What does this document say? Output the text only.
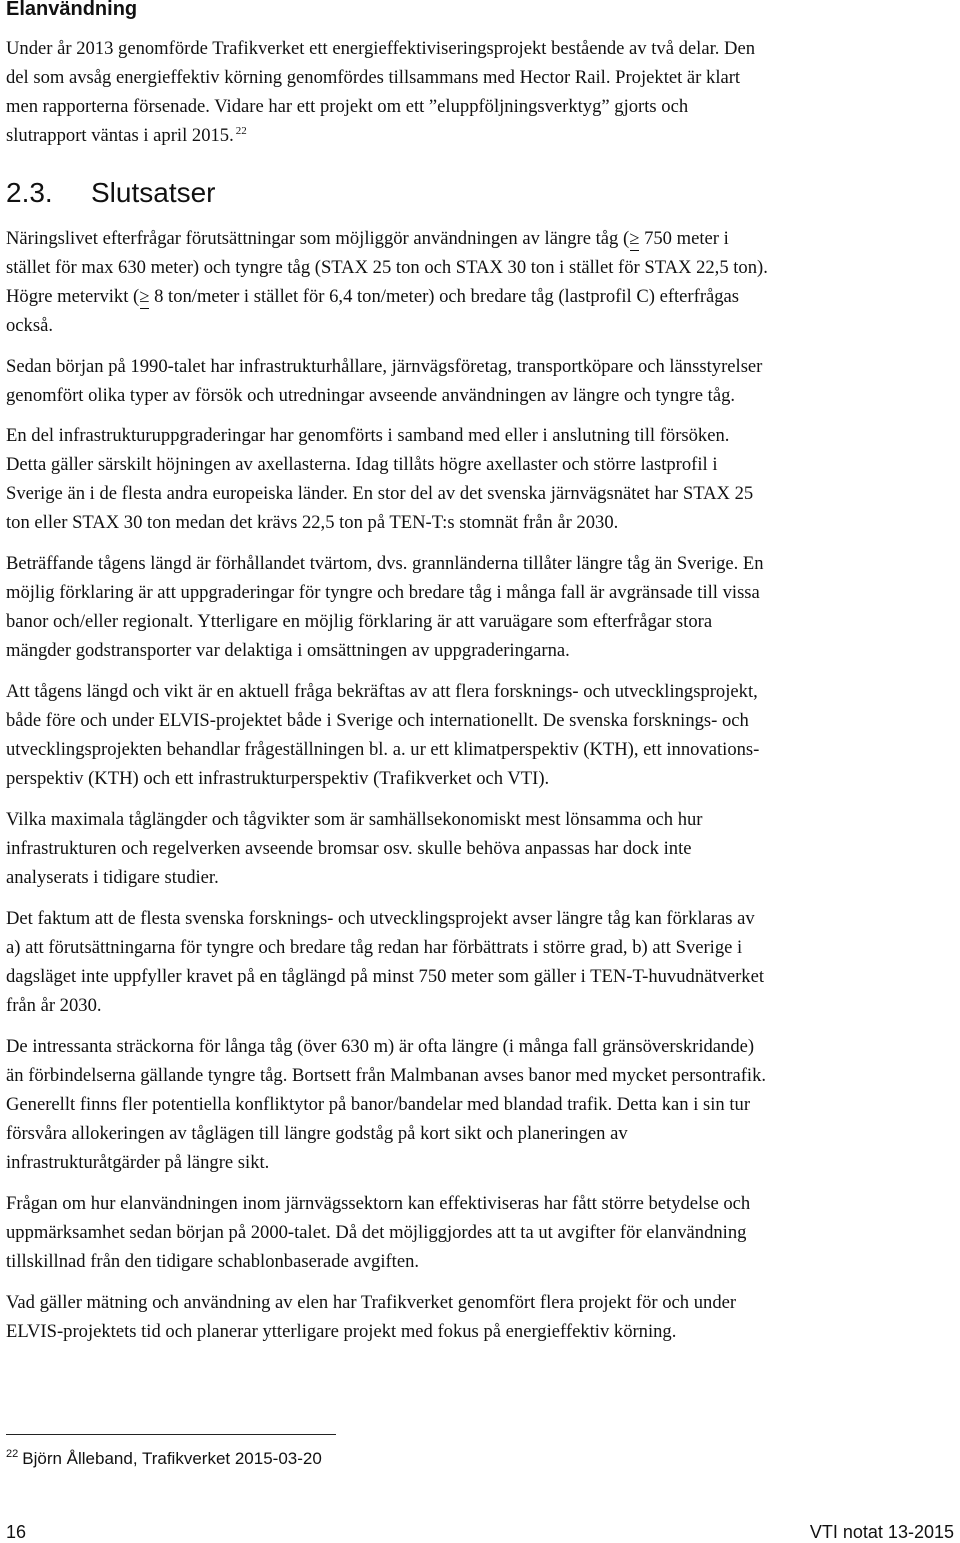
Elanvändning

Under år 2013 genomförde Trafikverket ett energieffektiviseringsprojekt bestående av två delar. Den
del som avsåg energieffektiv körning genomfördes tillsammans med Hector Rail. Projektet är klart
men rapporterna försenade. Vidare har ett projekt om ett ”eluppföljningsverktyg” gjorts och
slutrapport väntas i april 2015. $^{22}$

2.3. Slutsatser

Näringslivet efterfrågar förutsättningar som möjliggör användningen av längre tåg (≥ 750 meter i
stället för max 630 meter) och tyngre tåg (STAX 25 ton och STAX 30 ton i stället för STAX 22,5 ton).
Högre metervikt (≥ 8 ton/meter i stället för 6,4 ton/meter) och bredare tåg (lastprofil C) efterfrågas
också.

Sedan början på 1990-talet har infrastrukturhållare, järnvägsföretag, transportköpare och länsstyrelser
genomfört olika typer av försök och utredningar avseende användningen av längre och tyngre tåg.

En del infrastrukturuppgraderingar har genomförts i samband med eller i anslutning till försöken.
Detta gäller särskilt höjningen av axellasterna. Idag tillåts högre axellaster och större lastprofil i
Sverige än i de flesta andra europeiska länder. En stor del av det svenska järnvägsnätet har STAX 25
ton eller STAX 30 ton medan det krävs 22,5 ton på TEN-T:s stomnät från år 2030.

Beträffande tågens längd är förhållandet tvärtom, dvs. grannländerna tillåter längre tåg än Sverige. En
möjlig förklaring är att uppgraderingar för tyngre och bredare tåg i många fall är avgränsade till vissa
banor och/eller regionalt. Ytterligare en möjlig förklaring är att varuägare som efterfrågar stora
mängder godstransporter var delaktiga i omsättningen av uppgraderingarna.

Att tågens längd och vikt är en aktuell fråga bekräftas av att flera forsknings- och utvecklingsprojekt,
både före och under ELVIS-projektet både i Sverige och internationellt. De svenska forsknings- och
utvecklingsprojekten behandlar frågeställningen bl. a. ur ett klimatperspektiv (KTH), ett innovations-
perspektiv (KTH) och ett infrastrukturperspektiv (Trafikverket och VTI).

Vilka maximala tåglängder och tågvikter som är samhällsekonomiskt mest lönsamma och hur
infrastrukturen och regelverken avseende bromsar osv. skulle behöva anpassas har dock inte
analyserats i tidigare studier.

Det faktum att de flesta svenska forsknings- och utvecklingsprojekt avser längre tåg kan förklaras av
a) att förutsättningarna för tyngre och bredare tåg redan har förbättrats i större grad, b) att Sverige i
dagsläget inte uppfyller kravet på en tåglängd på minst 750 meter som gäller i TEN-T-huvudnätverket
från år 2030.

De intressanta sträckorna för långa tåg (över 630 m) är ofta längre (i många fall gränsöverskridande)
än förbindelserna gällande tyngre tåg. Bortsett från Malmbanan avses banor med mycket persontrafik.
Generellt finns fler potentiella konfliktytor på banor/bandelar med blandad trafik. Detta kan i sin tur
försvåra allokeringen av tåglägen till längre godståg på kort sikt och planeringen av
infrastrukturåtgärder på längre sikt.

Frågan om hur elanvändningen inom järnvägssektorn kan effektiviseras har fått större betydelse och
uppmärksamhet sedan början på 2000-talet. Då det möjliggjordes att ta ut avgifter för elanvändning
tillskillnad från den tidigare schablonbaserade avgiften.

Vad gäller mätning och användning av elen har Trafikverket genomfört flera projekt för och under
ELVIS-projektets tid och planerar ytterligare projekt med fokus på energieffektiv körning.

$^{22}$ Björn Ålleband, Trafikverket 2015-03-20
16	VTI notat 13-2015
